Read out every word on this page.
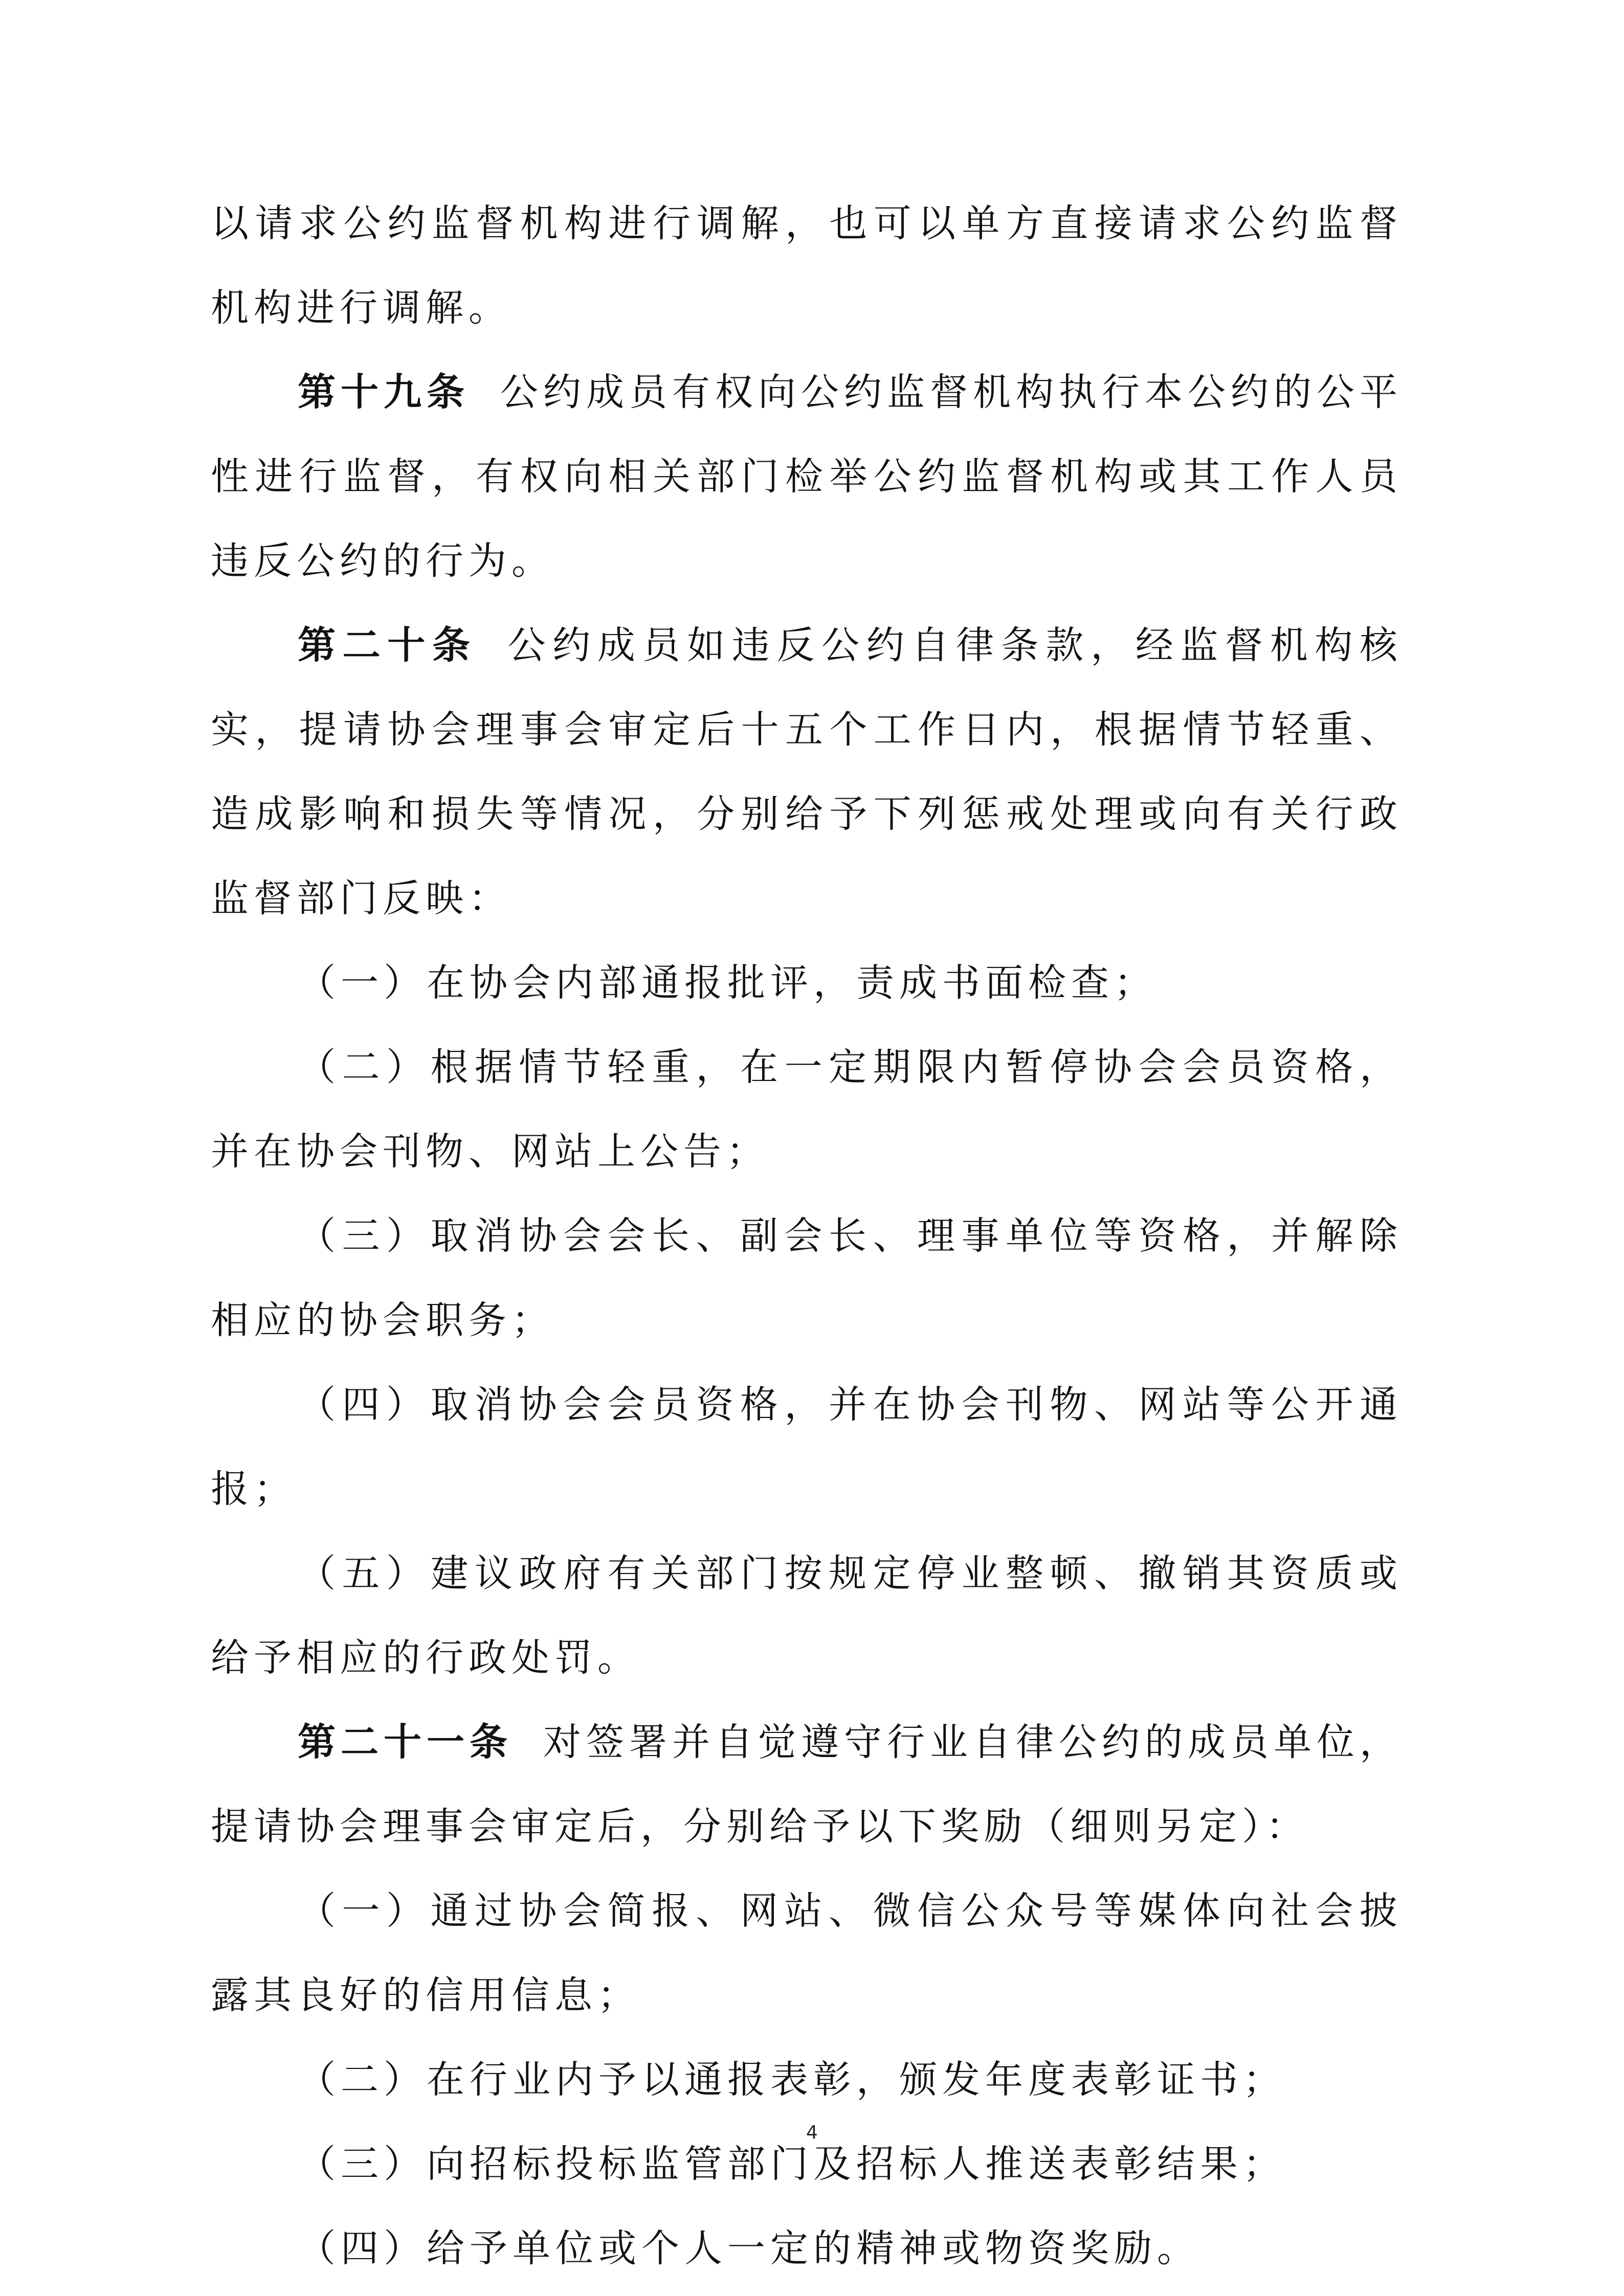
以请求公约监督机构进行调解，也可以单方直接请求公约监督机构进行调解。

第十九条 公约成员有权向公约监督机构执行本公约的公平性进行监督，有权向相关部门检举公约监督机构或其工作人员违反公约的行为。

第二十条 公约成员如违反公约自律条款，经监督机构核实，提请协会理事会审定后十五个工作日内，根据情节轻重、造成影响和损失等情况，分别给予下列惩戒处理或向有关行政监督部门反映：

（一）在协会内部通报批评，责成书面检查；

（二）根据情节轻重，在一定期限内暂停协会会员资格，并在协会刊物、网站上公告；

（三）取消协会会长、副会长、理事单位等资格，并解除相应的协会职务；

（四）取消协会会员资格，并在协会刊物、网站等公开通报；

（五）建议政府有关部门按规定停业整顿、撤销其资质或给予相应的行政处罚。

第二十一条 对签署并自觉遵守行业自律公约的成员单位，提请协会理事会审定后，分别给予以下奖励（细则另定）：

（一）通过协会简报、网站、微信公众号等媒体向社会披露其良好的信用信息；

（二）在行业内予以通报表彰，颁发年度表彰证书；

（三）向招标投标监管部门及招标人推送表彰结果；

（四）给予单位或个人一定的精神或物资奖励。

4
